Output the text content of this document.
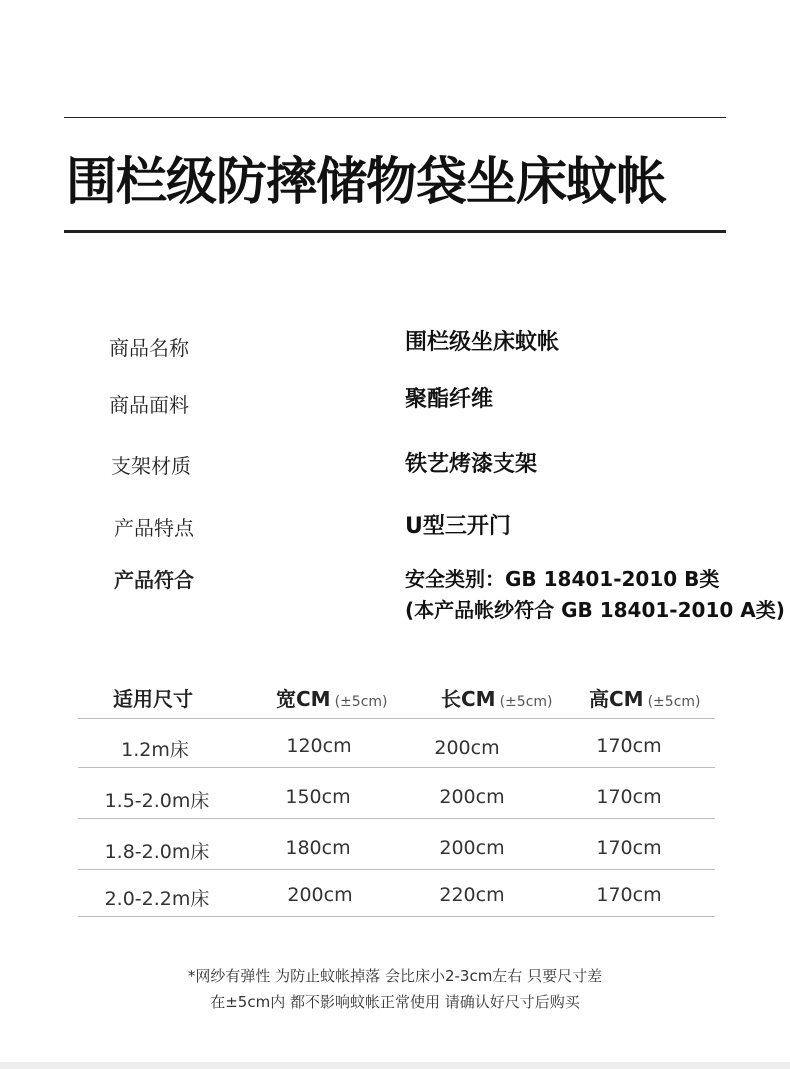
围栏级防摔储物袋坐床蚊帐
商品名称	围栏级坐床蚊帐
商品面料	聚酯纤维
支架材质	铁艺烤漆支架
产品特点	U型三开门
产品符合	安全类别：GB 18401-2010 B类
(本产品帐纱符合 GB 18401-2010 A类)
适用尺寸	宽CM (±5cm)	长CM (±5cm) 高CM (±5cm)
1.2m床	120cm	200cm	170cm
1.5-2.0m床	150cm	200cm	170cm
1.8-2.0m床	180cm	200cm	170cm
2.0-2.2m床	200cm	220cm	170cm
*网纱有弹性 为防止蚊帐掉落 会比床小2-3cm左右 只要尺寸差
在±5cm内 都不影响蚊帐正常使用 请确认好尺寸后购买
